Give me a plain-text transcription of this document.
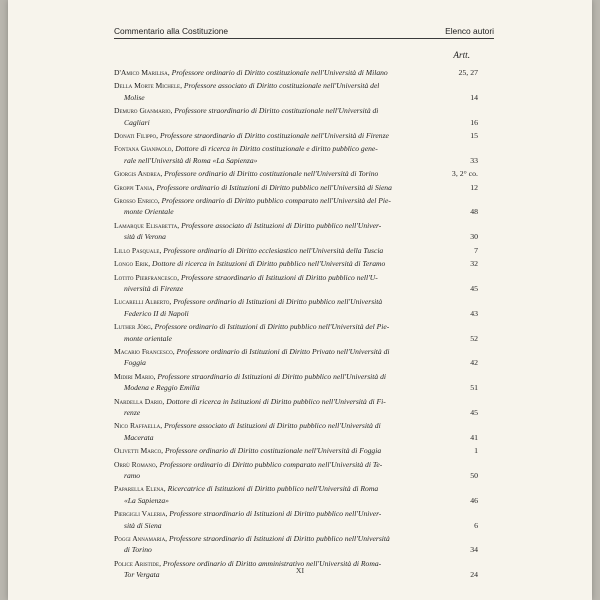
Commentario alla Costituzione	Elenco autori
Artt.
D'Amico Marilisa, Professore ordinario di Diritto costituzionale nell'Università di Milano	25, 27
Della Morte Michele, Professore associato di Diritto costituzionale nell'Università del
Molise	14
Demuro Gianmario, Professore straordinario di Diritto costituzionale nell'Università di
Cagliari	16
Donati Filippo, Professore straordinario di Diritto costituzionale nell'Università di Firenze	15
Fontana Gianpaolo, Dottore di ricerca in Diritto costituzionale e diritto pubblico gene-
rale nell'Università di Roma «La Sapienza»	33
Giorgis Andrea, Professore ordinario di Diritto costituzionale nell'Università di Torino	3, 2° co.
Groppi Tania, Professore ordinario di Istituzioni di Diritto pubblico nell'Università di Siena	12
Grosso Enrico, Professore ordinario di Diritto pubblico comparato nell'Università del Pie-
monte Orientale	48
Lamarque Elisabetta, Professore associato di Istituzioni di Diritto pubblico nell'Univer-
sità di Verona	30
Lillo Pasquale, Professore ordinario di Diritto ecclesiastico nell'Università della Tuscia	7
Longo Erik, Dottore di ricerca in Istituzioni di Diritto pubblico nell'Università di Teramo	32
Lotito Pierfrancesco, Professore straordinario di Istituzioni di Diritto pubblico nell'U-
niversità di Firenze	45
Lucarelli Alberto, Professore ordinario di Istituzioni di Diritto pubblico nell'Università
Federico II di Napoli	43
Luther Jörg, Professore ordinario di Istituzioni di Diritto pubblico nell'Università del Pie-
monte orientale	52
Macario Francesco, Professore ordinario di Istituzioni di Diritto Privato nell'Università di
Foggia	42
Midiri Mario, Professore straordinario di Istituzioni di Diritto pubblico nell'Università di
Modena e Reggio Emilia	51
Nardella Dario, Dottore di ricerca in Istituzioni di Diritto pubblico nell'Università di Fi-
renze	45
Nico Raffaella, Professore associato di Istituzioni di Diritto pubblico nell'Università di
Macerata	41
Olivetti Marco, Professore ordinario di Diritto costituzionale nell'Università di Foggia	1
Orrù Romano, Professore ordinario di Diritto pubblico comparato nell'Università di Te-
ramo	50
Paparella Elena, Ricercatrice di Istituzioni di Diritto pubblico nell'Università di Roma
«La Sapienza»	46
Piergigli Valeria, Professore straordinario di Istituzioni di Diritto pubblico nell'Univer-
sità di Siena	6
Poggi Annamaria, Professore straordinario di Istituzioni di Diritto pubblico nell'Università
di Torino	34
Police Aristide, Professore ordinario di Diritto amministrativo nell'Università di Roma-
Tor Vergata	24
XI
